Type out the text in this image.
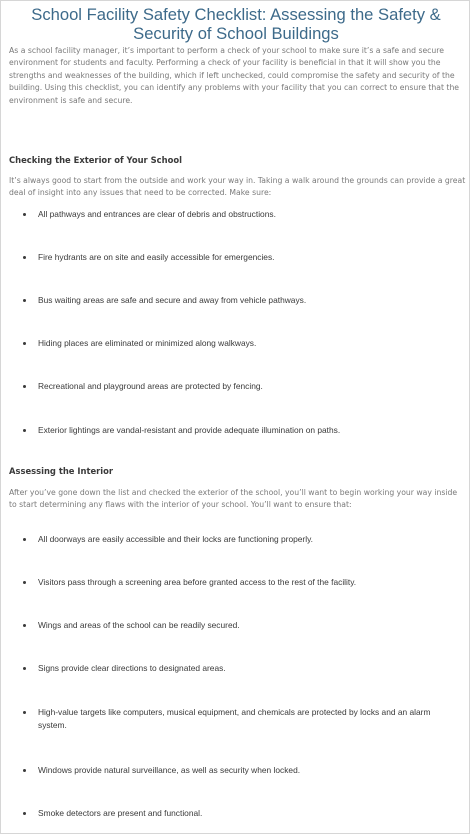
School Facility Safety Checklist: Assessing the Safety & Security of School Buildings

As a school facility manager, it’s important to perform a check of your school to make sure it’s a safe and secure environment for students and faculty. Performing a check of your facility is beneficial in that it will show you the strengths and weaknesses of the building, which if left unchecked, could compromise the safety and security of the building. Using this checklist, you can identify any problems with your facility that you can correct to ensure that the environment is safe and secure.

Checking the Exterior of Your School

It’s always good to start from the outside and work your way in. Taking a walk around the grounds can provide a great deal of insight into any issues that need to be corrected. Make sure:

All pathways and entrances are clear of debris and obstructions.
Fire hydrants are on site and easily accessible for emergencies.
Bus waiting areas are safe and secure and away from vehicle pathways.
Hiding places are eliminated or minimized along walkways.
Recreational and playground areas are protected by fencing.
Exterior lightings are vandal-resistant and provide adequate illumination on paths.
Assessing the Interior

After you’ve gone down the list and checked the exterior of the school, you’ll want to begin working your way inside to start determining any flaws with the interior of your school. You’ll want to ensure that:

All doorways are easily accessible and their locks are functioning properly.
Visitors pass through a screening area before granted access to the rest of the facility.
Wings and areas of the school can be readily secured.
Signs provide clear directions to designated areas.
High-value targets like computers, musical equipment, and chemicals are protected by locks and an alarm system.
Windows provide natural surveillance, as well as security when locked.
Smoke detectors are present and functional.
